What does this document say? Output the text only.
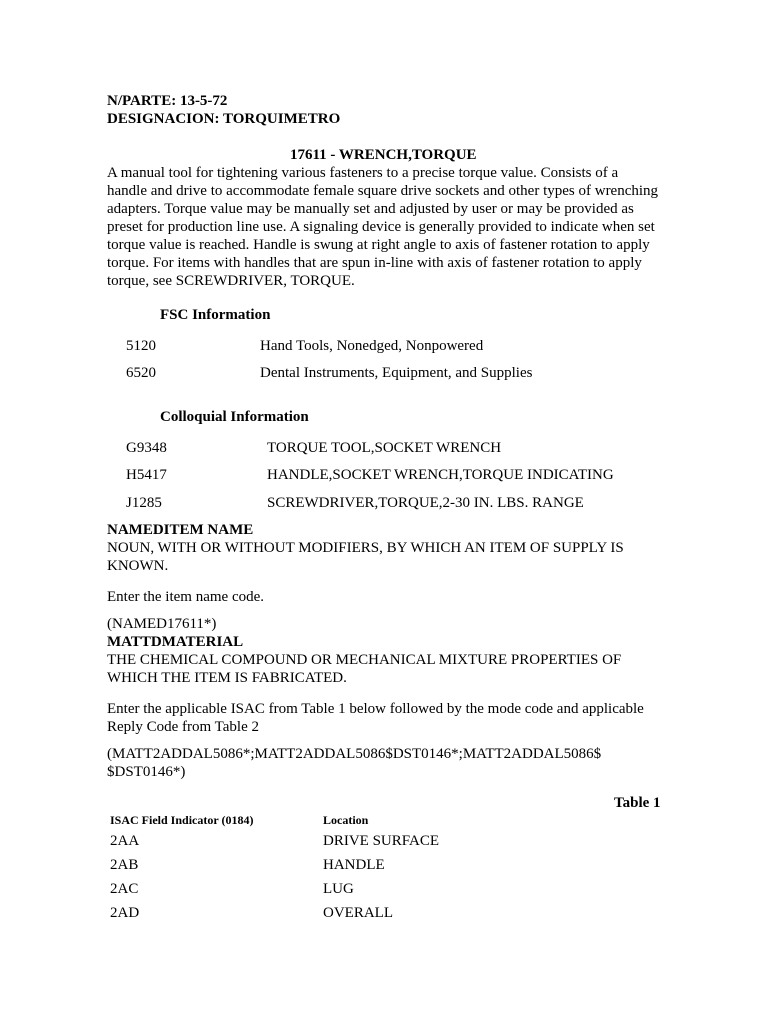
N/PARTE: 13-5-72
DESIGNACION: TORQUIMETRO
17611 - WRENCH,TORQUE
A manual tool for tightening various fasteners to a precise torque value. Consists of a
handle and drive to accommodate female square drive sockets and other types of wrenching
adapters. Torque value may be manually set and adjusted by user or may be provided as
preset for production line use. A signaling device is generally provided to indicate when set
torque value is reached. Handle is swung at right angle to axis of fastener rotation to apply
torque. For items with handles that are spun in-line with axis of fastener rotation to apply
torque, see SCREWDRIVER, TORQUE.
FSC Information
5120	Hand Tools, Nonedged, Nonpowered
6520	Dental Instruments, Equipment, and Supplies
Colloquial Information
G9348	TORQUE TOOL,SOCKET WRENCH
H5417	HANDLE,SOCKET WRENCH,TORQUE INDICATING
J1285	SCREWDRIVER,TORQUE,2-30 IN. LBS. RANGE
NAMEDITEM NAME
NOUN, WITH OR WITHOUT MODIFIERS, BY WHICH AN ITEM OF SUPPLY IS
KNOWN.
Enter the item name code.
(NAMED17611*)
MATTDMATERIAL
THE CHEMICAL COMPOUND OR MECHANICAL MIXTURE PROPERTIES OF
WHICH THE ITEM IS FABRICATED.
Enter the applicable ISAC from Table 1 below followed by the mode code and applicable
Reply Code from Table 2
(MATT2ADDAL5086*;MATT2ADDAL5086$DST0146*;MATT2ADDAL5086$
$DST0146*)
Table 1
ISAC Field Indicator (0184)	Location
2AA	DRIVE SURFACE
2AB	HANDLE
2AC	LUG
2AD	OVERALL
